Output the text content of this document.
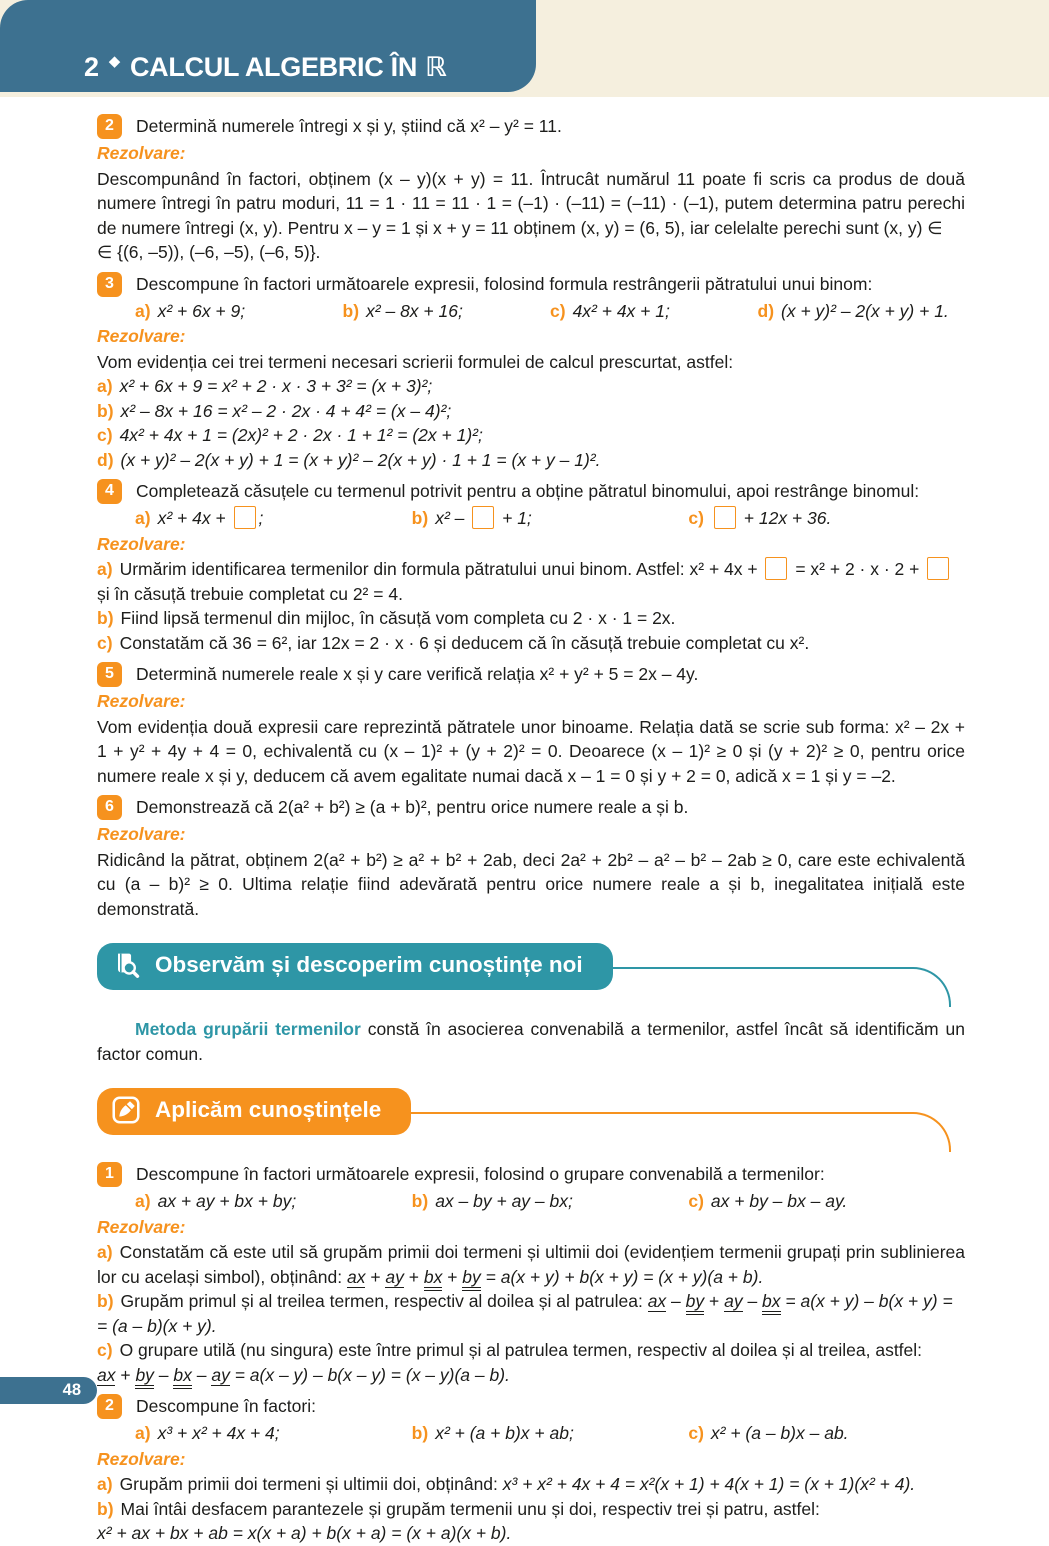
2 ◆ CALCUL ALGEBRIC ÎN ℝ
2	Determină numerele întregi x și y, știind că x² – y² = 11.

Rezolvare:

Descompunând în factori, obținem (x – y)(x + y) = 11. Întrucât numărul 11 poate fi scris ca produs de două numere întregi în patru moduri, 11 = 1 · 11 = 11 · 1 = (–1) · (–11) = (–11) · (–1), putem determina patru perechi de numere întregi (x, y). Pentru x – y = 1 și x + y = 11 obținem (x, y) = (6, 5), iar celelalte perechi sunt (x, y) ∈
∈ {(6, –5)), (–6, –5), (–6, 5)}.

3	Descompune în factori următoarele expresii, folosind formula restrângerii pătratului unui binom:

a) x² + 6x + 9;	b) x² – 8x + 16;	c) 4x² + 4x + 1;	d) (x + y)² – 2(x + y) + 1.

Rezolvare:

Vom evidenția cei trei termeni necesari scrierii formulei de calcul prescurtat, astfel:

a) x² + 6x + 9 = x² + 2 · x · 3 + 3² = (x + 3)²;

b) x² – 8x + 16 = x² – 2 · 2x · 4 + 4² = (x – 4)²;

c) 4x² + 4x + 1 = (2x)² + 2 · 2x · 1 + 1² = (2x + 1)²;

d) (x + y)² – 2(x + y) + 1 = (x + y)² – 2(x + y) · 1 + 1 = (x + y – 1)².

4	Completează căsuțele cu termenul potrivit pentru a obține pătratul binomului, apoi restrânge binomul:

a) x² + 4x + ;	b) x² –  + 1;	c) + 12x + 36.

Rezolvare:

a) Urmărim identificarea termenilor din formula pătratului unui binom. Astfel: x² + 4x +  = x² + 2 · x · 2 +
și în căsuță trebuie completat cu 2² = 4.

b) Fiind lipsă termenul din mijloc, în căsuță vom completa cu 2 · x · 1 = 2x.

c) Constatăm că 36 = 6², iar 12x = 2 · x · 6 și deducem că în căsuță trebuie completat cu x².

5	Determină numerele reale x și y care verifică relația x² + y² + 5 = 2x – 4y.

Rezolvare:

Vom evidenția două expresii care reprezintă pătratele unor binoame. Relația dată se scrie sub forma: x² – 2x + 1 + y² + 4y + 4 = 0, echivalentă cu (x – 1)² + (y + 2)² = 0. Deoarece (x – 1)² ≥ 0 și (y + 2)² ≥ 0, pentru orice numere reale x și y, deducem că avem egalitate numai dacă x – 1 = 0 și y + 2 = 0, adică x = 1 și y = –2.

6	Demonstrează că 2(a² + b²) ≥ (a + b)², pentru orice numere reale a și b.

Rezolvare:

Ridicând la pătrat, obținem 2(a² + b²) ≥ a² + b² + 2ab, deci 2a² + 2b² – a² – b² – 2ab ≥ 0, care este echivalentă cu (a – b)² ≥ 0. Ultima relație fiind adevărată pentru orice numere reale a și b, inegalitatea inițială este demonstrată.

Observăm și descoperim cunoștințe noi

Metoda grupării termenilor constă în asocierea convenabilă a termenilor, astfel încât să identificăm un factor comun.

Aplicăm cunoștințele
1	Descompune în factori următoarele expresii, folosind o grupare convenabilă a termenilor:

a) ax + ay + bx + by;	b) ax – by + ay – bx;	c) ax + by – bx – ay.

Rezolvare:

a) Constatăm că este util să grupăm primii doi termeni și ultimii doi (evidențiem termenii grupați prin sublinierea lor cu același simbol), obținând: ax + ay + bx + by = a(x + y) + b(x + y) = (x + y)(a + b).

b) Grupăm primul și al treilea termen, respectiv al doilea și al patrulea: ax – by + ay – bx = a(x + y) – b(x + y) =
= (a – b)(x + y).

c) O grupare utilă (nu singura) este între primul și al patrulea termen, respectiv al doilea și al treilea, astfel:
ax + by – bx – ay = a(x – y) – b(x – y) = (x – y)(a – b).

2	Descompune în factori:

a) x³ + x² + 4x + 4;	b) x² + (a + b)x + ab;	c) x² + (a – b)x – ab.

Rezolvare:

a) Grupăm primii doi termeni și ultimii doi, obținând: x³ + x² + 4x + 4 = x²(x + 1) + 4(x + 1) = (x + 1)(x² + 4).

b) Mai întâi desfacem parantezele și grupăm termenii unu și doi, respectiv trei și patru, astfel:
x² + ax + bx + ab = x(x + a) + b(x + a) = (x + a)(x + b).

48
